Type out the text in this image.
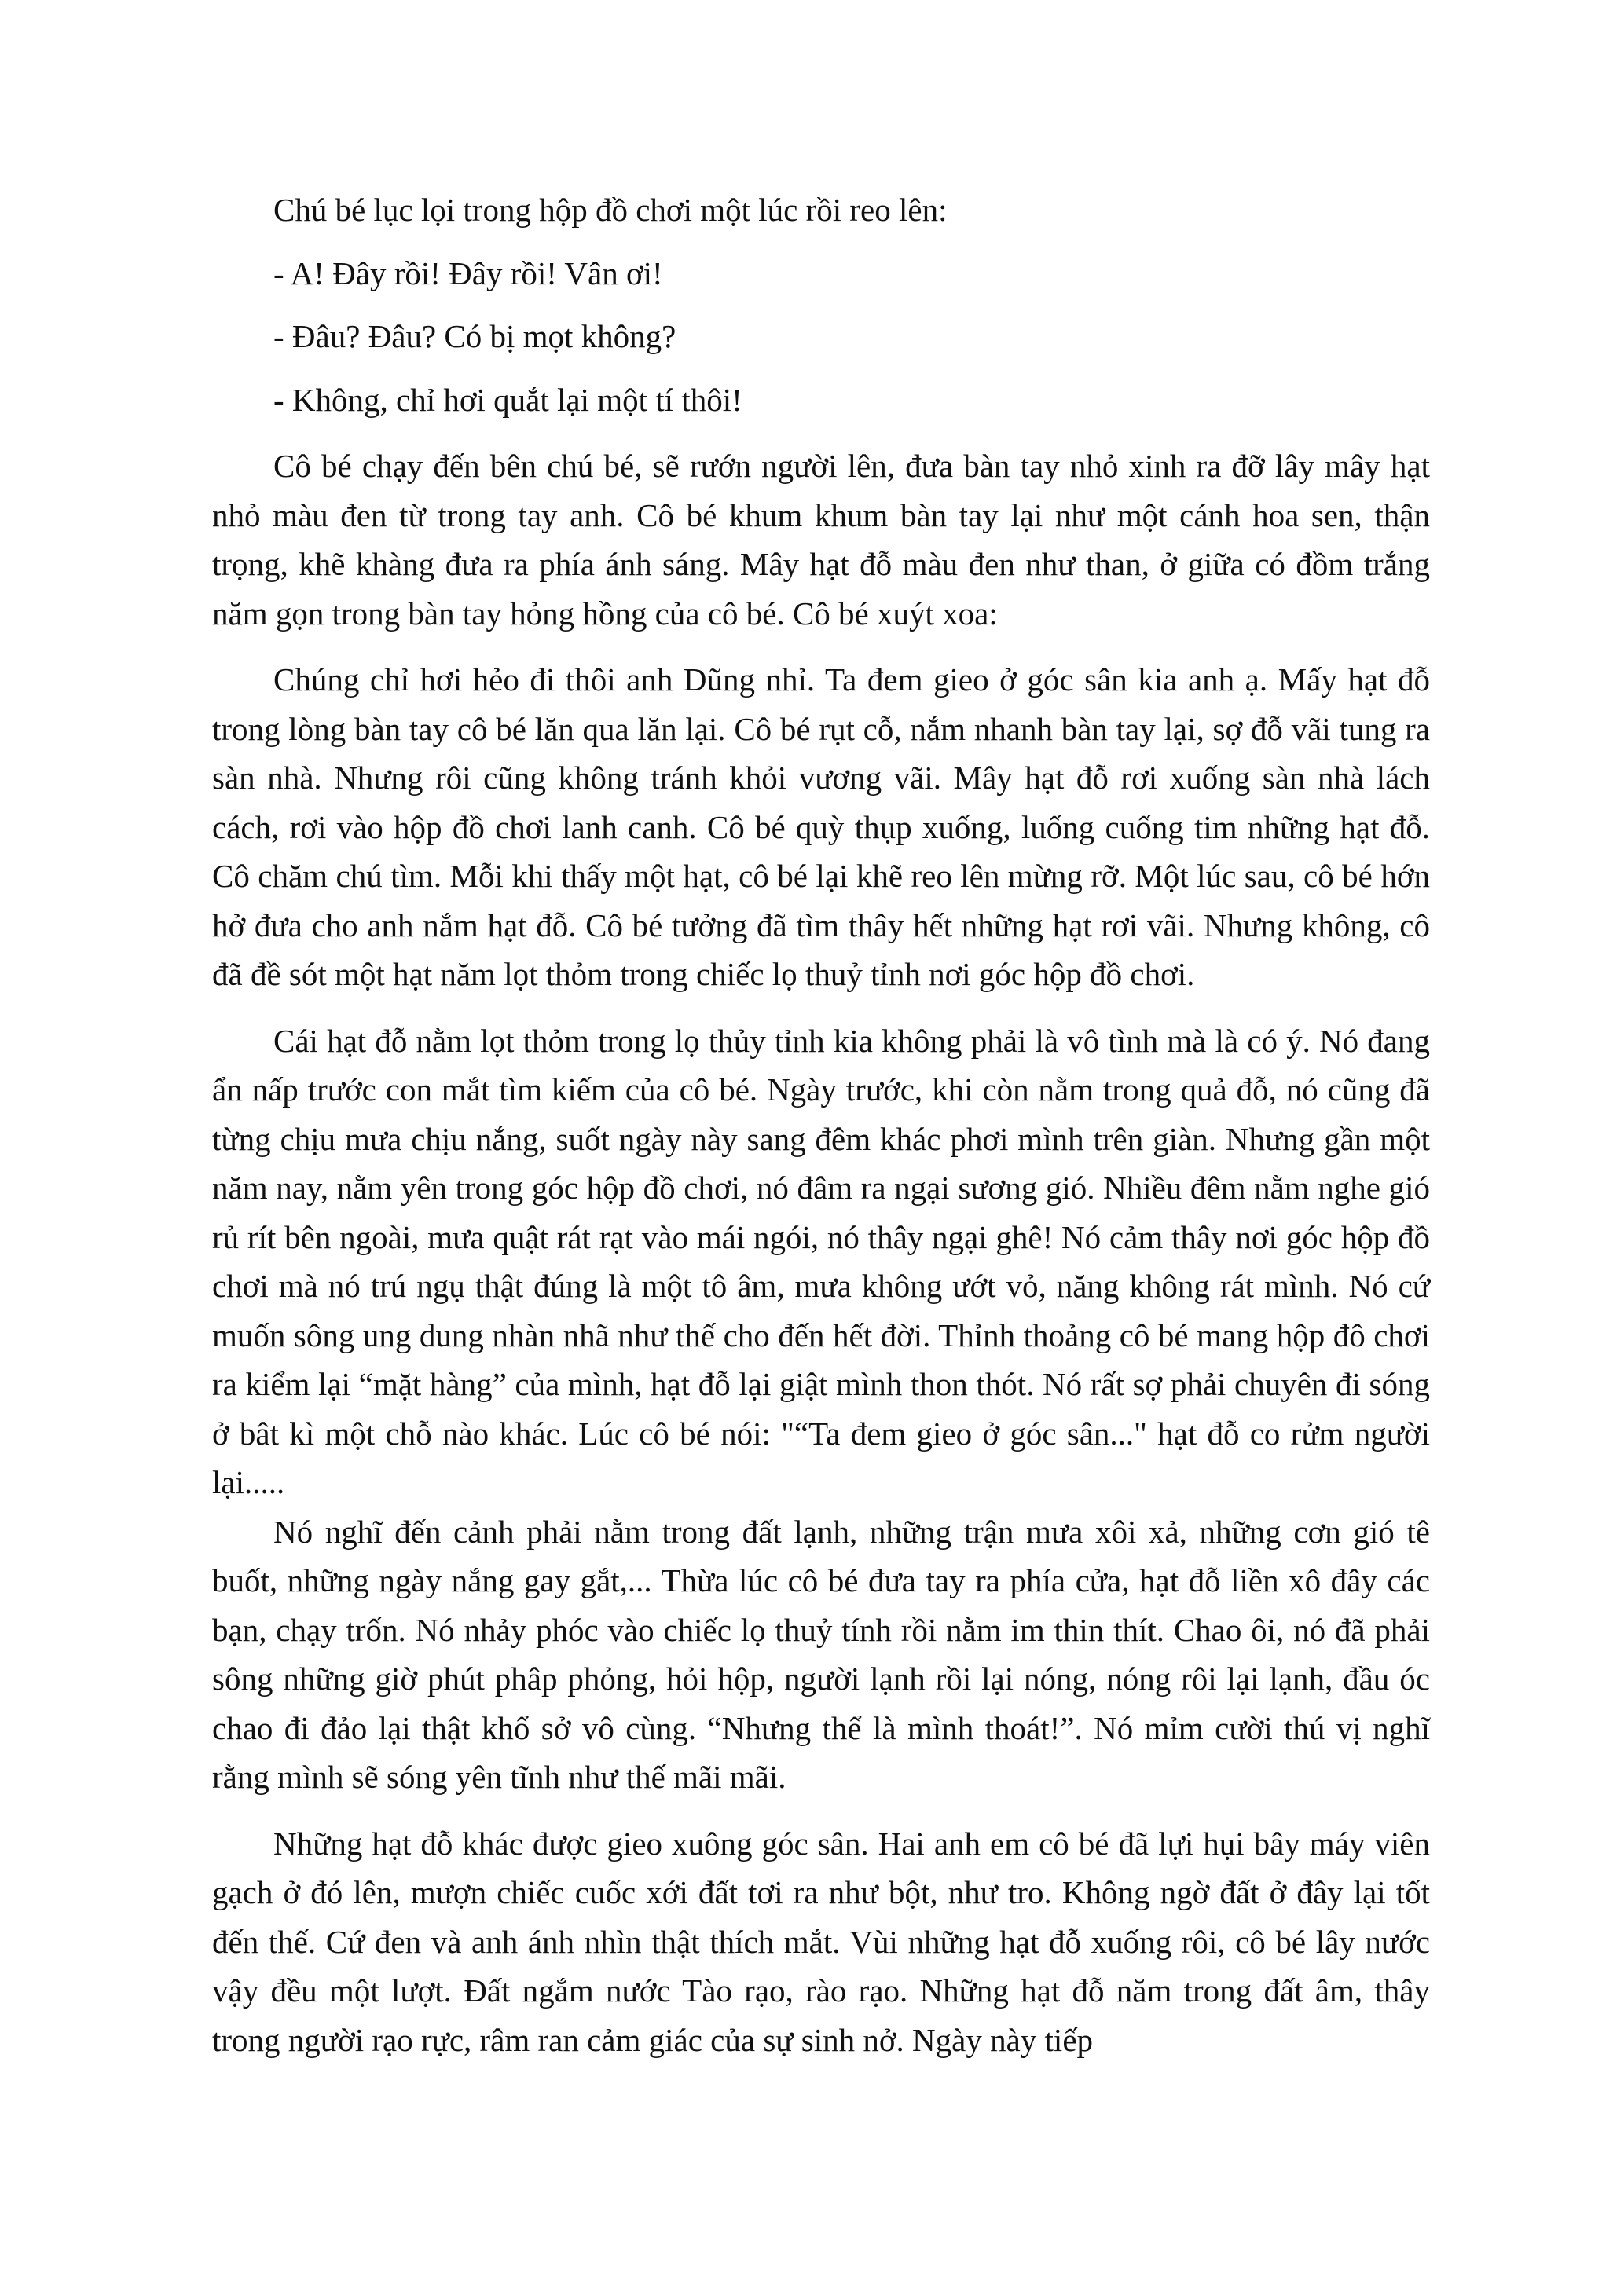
Chú bé lục lọi trong hộp đồ chơi một lúc rồi reo lên:

- A! Đây rồi! Đây rồi! Vân ơi!

- Đâu? Đâu? Có bị mọt không?

- Không, chỉ hơi quắt lại một tí thôi!

Cô bé chạy đến bên chú bé, sẽ rướn người lên, đưa bàn tay nhỏ xinh ra đỡ lây mây hạt nhỏ màu đen từ trong tay anh. Cô bé khum khum bàn tay lại như một cánh hoa sen, thận trọng, khẽ khàng đưa ra phía ánh sáng. Mây hạt đỗ màu đen như than, ở giữa có đồm trắng năm gọn trong bàn tay hỏng hồng của cô bé. Cô bé xuýt xoa:

Chúng chỉ hơi hẻo đi thôi anh Dũng nhỉ. Ta đem gieo ở góc sân kia anh ạ. Mấy hạt đỗ trong lòng bàn tay cô bé lăn qua lăn lại. Cô bé rụt cỗ, nắm nhanh bàn tay lại, sợ đỗ vãi tung ra sàn nhà. Nhưng rôi cũng không tránh khỏi vương vãi. Mây hạt đỗ rơi xuống sàn nhà lách cách, rơi vào hộp đồ chơi lanh canh. Cô bé quỳ thụp xuống, luống cuống tim những hạt đỗ. Cô chăm chú tìm. Mỗi khi thấy một hạt, cô bé lại khẽ reo lên mừng rỡ. Một lúc sau, cô bé hớn hở đưa cho anh nắm hạt đỗ. Cô bé tưởng đã tìm thây hết những hạt rơi vãi. Nhưng không, cô đã đề sót một hạt năm lọt thỏm trong chiếc lọ thuỷ tỉnh nơi góc hộp đồ chơi.

Cái hạt đỗ nằm lọt thỏm trong lọ thủy tỉnh kia không phải là vô tình mà là có ý. Nó đang ẩn nấp trước con mắt tìm kiếm của cô bé. Ngày trước, khi còn nằm trong quả đỗ, nó cũng đã từng chịu mưa chịu nắng, suốt ngày này sang đêm khác phơi mình trên giàn. Nhưng gần một năm nay, nằm yên trong góc hộp đồ chơi, nó đâm ra ngại sương gió. Nhiều đêm nằm nghe gió rủ rít bên ngoài, mưa quật rát rạt vào mái ngói, nó thây ngại ghê! Nó cảm thây nơi góc hộp đồ chơi mà nó trú ngụ thật đúng là một tô âm, mưa không ướt vỏ, năng không rát mình. Nó cứ muốn sông ung dung nhàn nhã như thế cho đến hết đời. Thỉnh thoảng cô bé mang hộp đô chơi ra kiểm lại “mặt hàng” của mình, hạt đỗ lại giật mình thon thót. Nó rất sợ phải chuyên đi sóng ở bât kì một chỗ nào khác. Lúc cô bé nói: "“Ta đem gieo ở góc sân..." hạt đỗ co rửm người lại.....

Nó nghĩ đến cảnh phải nằm trong đất lạnh, những trận mưa xôi xả, những cơn gió tê buốt, những ngày nắng gay gắt,... Thừa lúc cô bé đưa tay ra phía cửa, hạt đỗ liền xô đây các bạn, chạy trốn. Nó nhảy phóc vào chiếc lọ thuỷ tính rồi nằm im thin thít. Chao ôi, nó đã phải sông những giờ phút phâp phỏng, hỏi hộp, người lạnh rồi lại nóng, nóng rôi lại lạnh, đầu óc chao đi đảo lại thật khổ sở vô cùng. “Nhưng thể là mình thoát!”. Nó mỉm cười thú vị nghĩ rằng mình sẽ sóng yên tĩnh như thế mãi mãi.

Những hạt đỗ khác được gieo xuông góc sân. Hai anh em cô bé đã lựi hụi bây máy viên gạch ở đó lên, mượn chiếc cuốc xới đất tơi ra như bột, như tro. Không ngờ đất ở đây lại tốt đến thế. Cứ đen và anh ánh nhìn thật thích mắt. Vùi những hạt đỗ xuống rôi, cô bé lây nước vậy đều một lượt. Đất ngắm nước Tào rạo, rào rạo. Những hạt đỗ năm trong đất âm, thây trong người rạo rực, râm ran cảm giác của sự sinh nở. Ngày này tiếp
